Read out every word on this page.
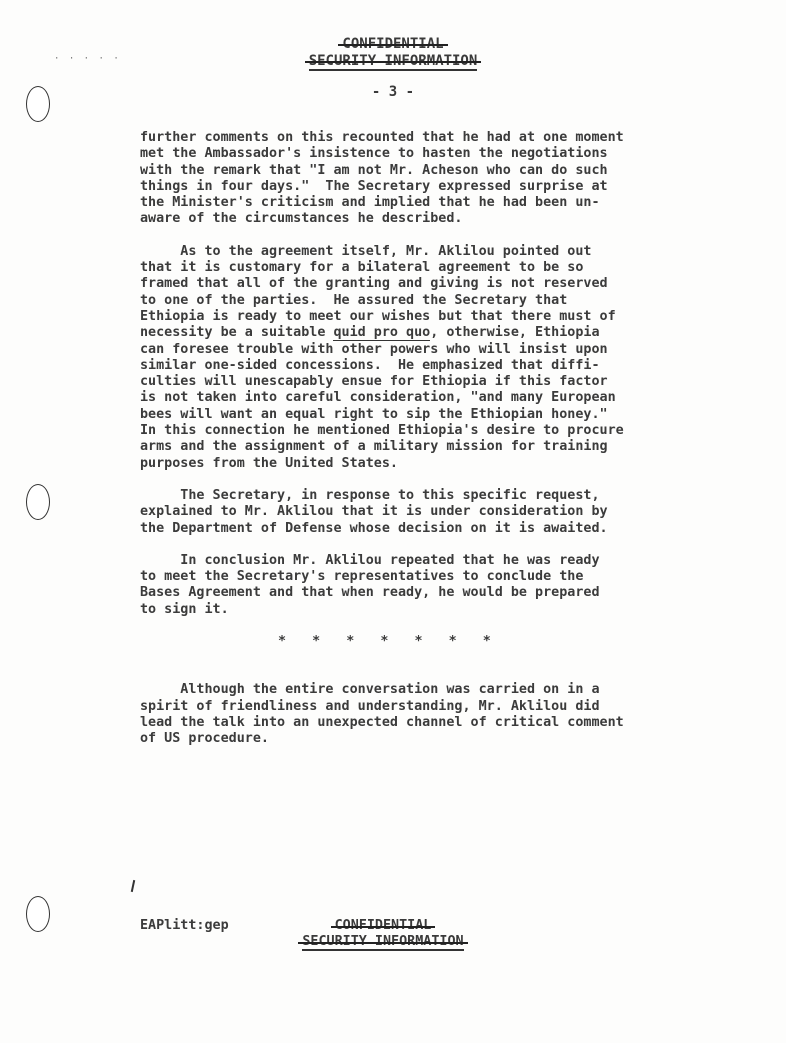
· · · · ·
CONFIDENTIAL
SECURITY INFORMATION
- 3 -

further comments on this recounted that he had at one moment

met the Ambassador's insistence to hasten the negotiations

with the remark that "I am not Mr. Acheson who can do such

things in four days."  The Secretary expressed surprise at

the Minister's criticism and implied that he had been un-

aware of the circumstances he described.

As to the agreement itself, Mr. Aklilou pointed out

that it is customary for a bilateral agreement to be so

framed that all of the granting and giving is not reserved

to one of the parties.  He assured the Secretary that

Ethiopia is ready to meet our wishes but that there must of

necessity be a suitable quid pro quo, otherwise, Ethiopia

can foresee trouble with other powers who will insist upon

similar one-sided concessions.  He emphasized that diffi-

culties will unescapably ensue for Ethiopia if this factor

is not taken into careful consideration, "and many European

bees will want an equal right to sip the Ethiopian honey."

In this connection he mentioned Ethiopia's desire to procure

arms and the assignment of a military mission for training

purposes from the United States.

The Secretary, in response to this specific request,

explained to Mr. Aklilou that it is under consideration by

the Department of Defense whose decision on it is awaited.

In conclusion Mr. Aklilou repeated that he was ready

to meet the Secretary's representatives to conclude the

Bases Agreement and that when ready, he would be prepared

to sign it.

* * * * * * *

Although the entire conversation was carried on in a

spirit of friendliness and understanding, Mr. Aklilou did

lead the talk into an unexpected channel of critical comment

of US procedure.

EAPlitt:gep	CONFIDENTIAL
SECURITY INFORMATION
